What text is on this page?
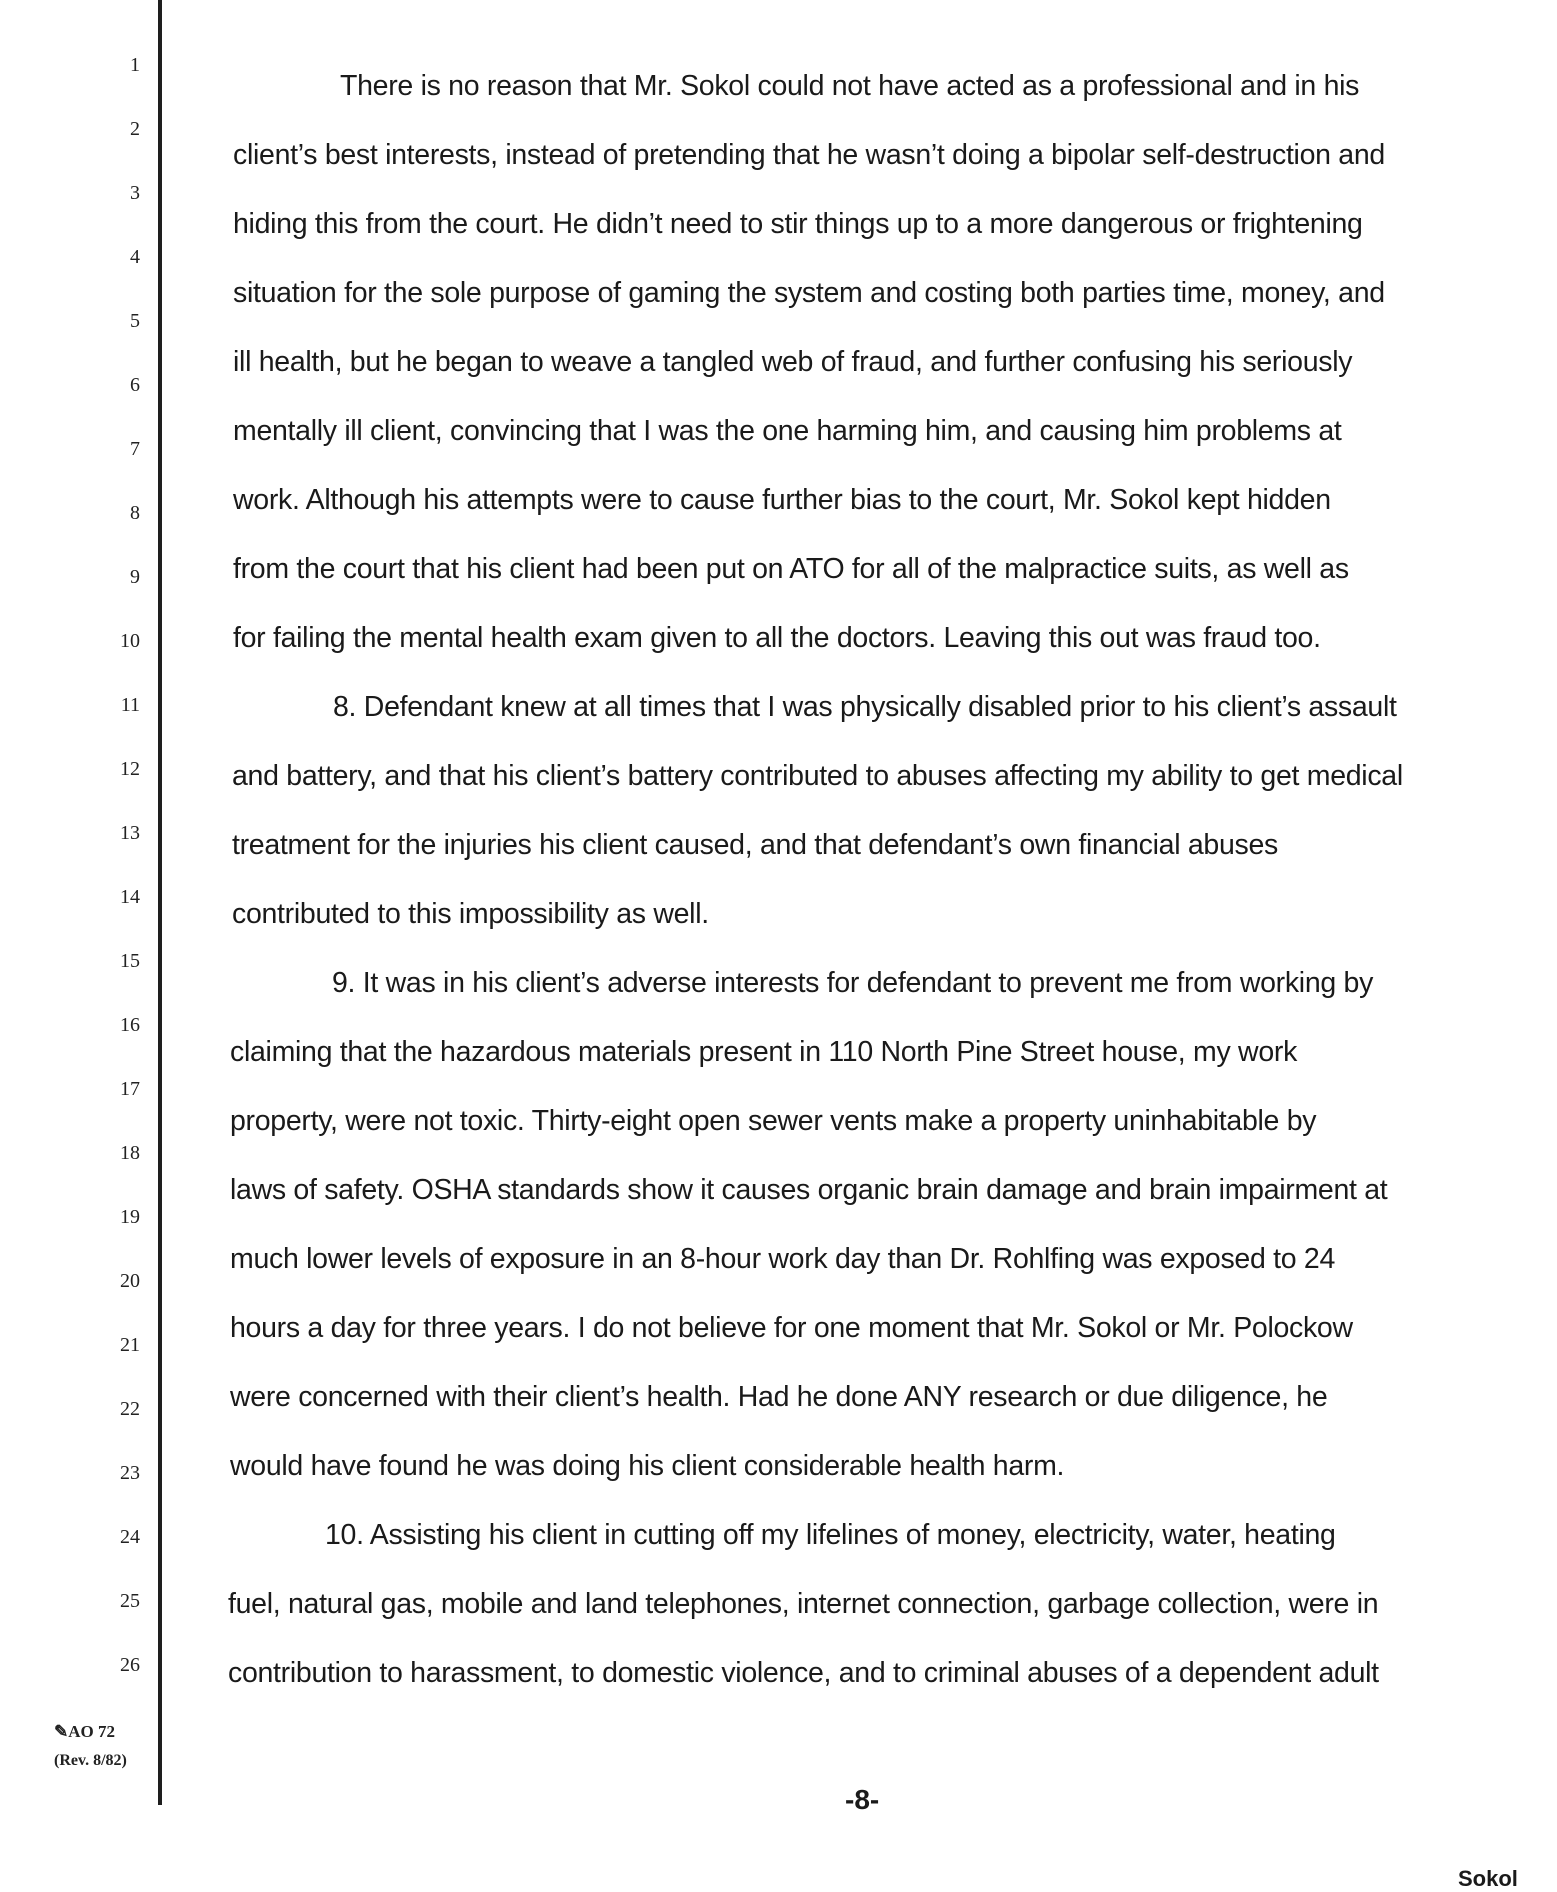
1
2
3
4
5
6
7
8
9
10
11
12
13
14
15
16
17
18
19
20
21
22
23
24
25
26
There is no reason that Mr. Sokol could not have acted as a professional and in his
client’s best interests, instead of pretending that he wasn’t doing a bipolar self-destruction and
hiding this from the court. He didn’t need to stir things up to a more dangerous or frightening
situation for the sole purpose of gaming the system and costing both parties time, money, and
ill health, but he began to weave a tangled web of fraud, and further confusing his seriously
mentally ill client, convincing that I was the one harming him, and causing him problems at
work. Although his attempts were to cause further bias to the court, Mr. Sokol kept hidden
from the court that his client had been put on ATO for all of the malpractice suits, as well as
for failing the mental health exam given to all the doctors. Leaving this out was fraud too.
8. Defendant knew at all times that I was physically disabled prior to his client’s assault
and battery, and that his client’s battery contributed to abuses affecting my ability to get medical
treatment for the injuries his client caused, and that defendant’s own financial abuses
contributed to this impossibility as well.
9. It was in his client’s adverse interests for defendant to prevent me from working by
claiming that the hazardous materials present in 110 North Pine Street house, my work
property, were not toxic. Thirty-eight open sewer vents make a property uninhabitable by
laws of safety. OSHA standards show it causes organic brain damage and brain impairment at
much lower levels of exposure in an 8-hour work day than Dr. Rohlfing was exposed to 24
hours a day for three years. I do not believe for one moment that Mr. Sokol or Mr. Polockow
were concerned with their client’s health. Had he done ANY research or due diligence, he
would have found he was doing his client considerable health harm.
10. Assisting his client in cutting off my lifelines of money, electricity, water, heating
fuel, natural gas, mobile and land telephones, internet connection, garbage collection, were in
contribution to harassment, to domestic violence, and to criminal abuses of a dependent adult
✎AO 72
(Rev. 8/82)
-8-
Sokol
